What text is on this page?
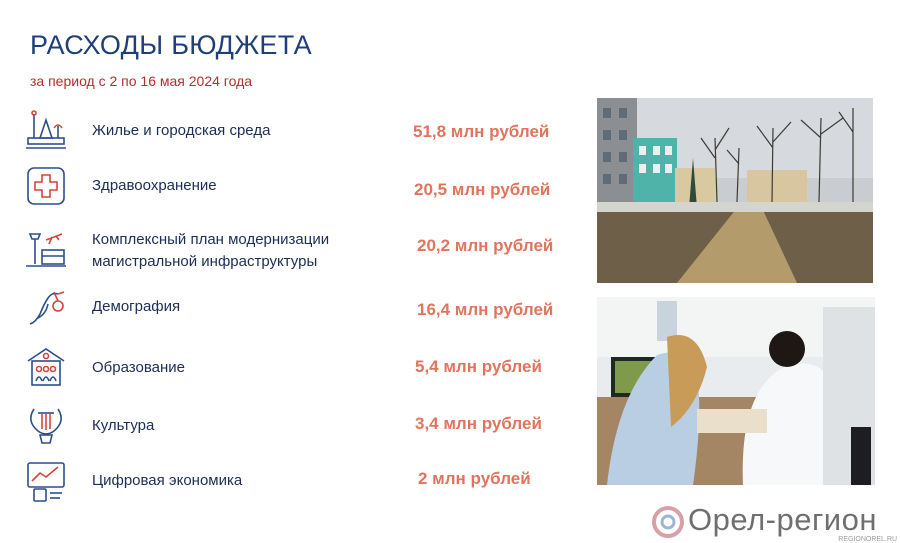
РАСХОДЫ БЮДЖЕТА
за период с 2 по 16 мая 2024 года
Жилье и городская среда	51,8 млн рублей
Здравоохранение	20,5 млн рублей
Комплексный план модернизации
магистральной инфраструктуры
20,2 млн рублей
Демография	16,4 млн рублей
Образование	5,4 млн рублей
Культура	3,4 млн рублей
Цифровая экономика	2 млн рублей
Орел-регион
REGIONOREL.RU
